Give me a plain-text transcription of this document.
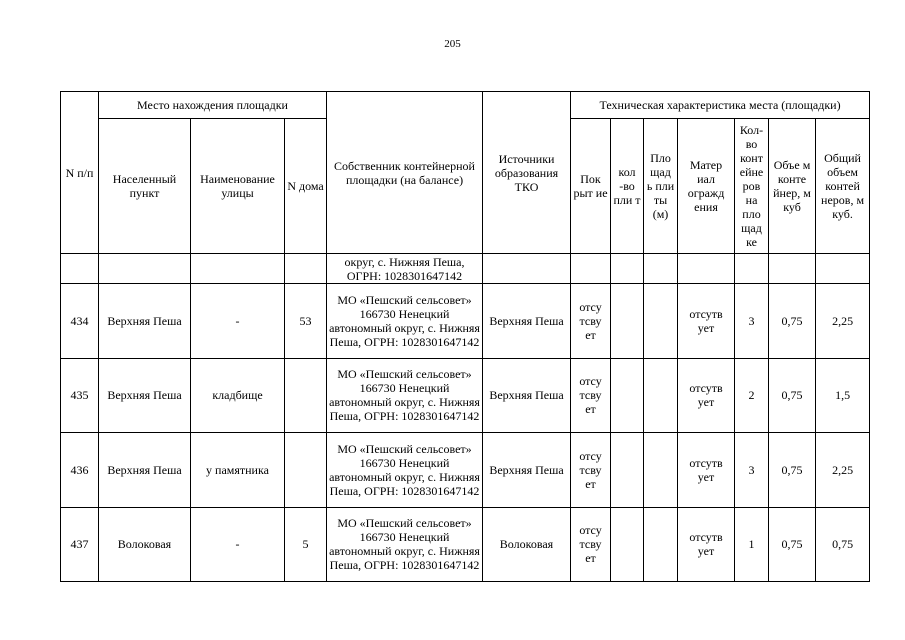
205
N п/п	Место нахождения площадки			Собственник контейнерной площадки (на балансе)	Источники образования ТКО	Техническая характеристика места (площадки)						
	Населенный пункт	Наименование улицы	N дома			Пок рыт ие	кол -во пли т	Пло щад ь пли ты (м)	Матер иал огражд ения	Кол- во конт ейне ров на пло щад ке	Объе м конте йнер, м куб	Общий объем контей неров, м куб.
				округ, с. Нижняя Пеша, ОГРН: 1028301647142								
434	Верхняя Пеша	-	53	МО «Пешский сельсовет» 166730 Ненецкий автономный округ, с. Нижняя Пеша, ОГРН: 1028301647142	Верхняя Пеша	отсу тсву ет			отсутв ует	3	0,75	2,25
435	Верхняя Пеша	кладбище		МО «Пешский сельсовет» 166730 Ненецкий автономный округ, с. Нижняя Пеша, ОГРН: 1028301647142	Верхняя Пеша	отсу тсву ет			отсутв ует	2	0,75	1,5
436	Верхняя Пеша	у памятника		МО «Пешский сельсовет» 166730 Ненецкий автономный округ, с. Нижняя Пеша, ОГРН: 1028301647142	Верхняя Пеша	отсу тсву ет			отсутв ует	3	0,75	2,25
437	Волоковая	-	5	МО «Пешский сельсовет» 166730 Ненецкий автономный округ, с. Нижняя Пеша, ОГРН: 1028301647142	Волоковая	отсу тсву ет			отсутв ует	1	0,75	0,75
